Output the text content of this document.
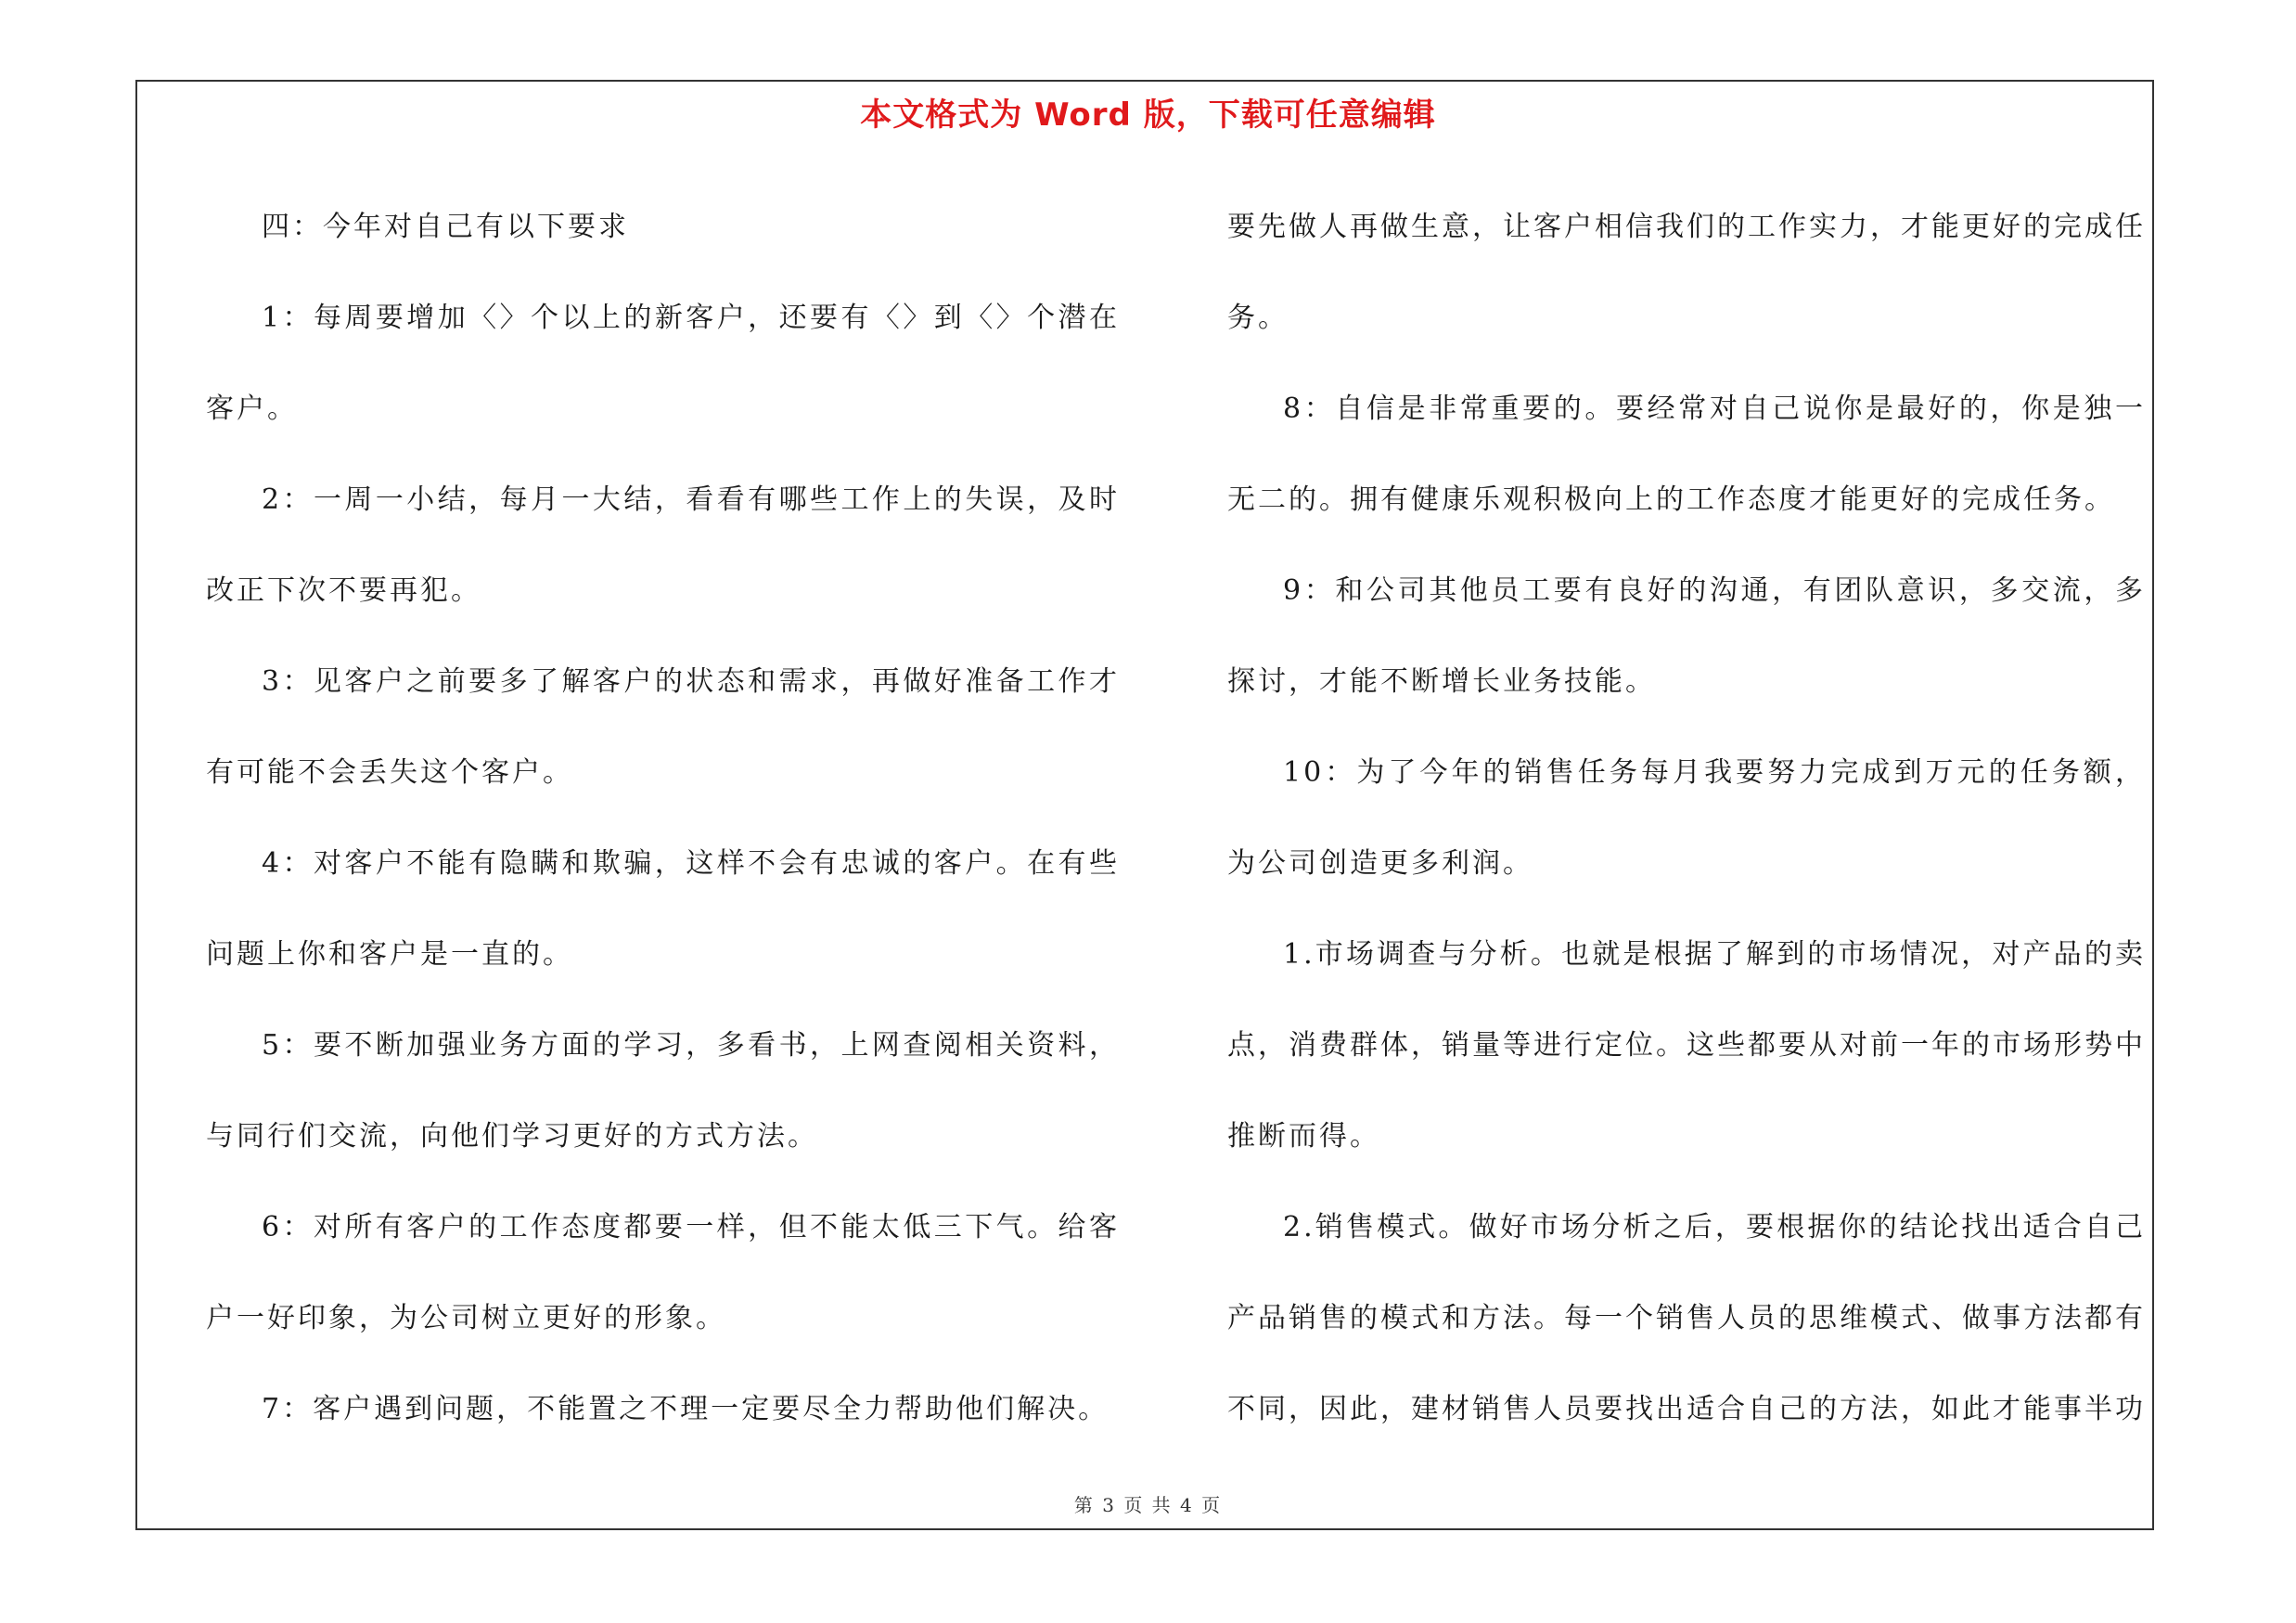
本文格式为 Word 版，下载可任意编辑

四：今年对自己有以下要求

1：每周要增加〈〉个以上的新客户，还要有〈〉到〈〉个潜在客户。

2：一周一小结，每月一大结，看看有哪些工作上的失误，及时改正下次不要再犯。

3：见客户之前要多了解客户的状态和需求，再做好准备工作才有可能不会丢失这个客户。

4：对客户不能有隐瞒和欺骗，这样不会有忠诚的客户。在有些问题上你和客户是一直的。

5：要不断加强业务方面的学习，多看书，上网查阅相关资料，与同行们交流，向他们学习更好的方式方法。

6：对所有客户的工作态度都要一样，但不能太低三下气。给客户一好印象，为公司树立更好的形象。

7：客户遇到问题，不能置之不理一定要尽全力帮助他们解决。

要先做人再做生意，让客户相信我们的工作实力，才能更好的完成任务。

8：自信是非常重要的。要经常对自己说你是最好的，你是独一无二的。拥有健康乐观积极向上的工作态度才能更好的完成任务。

9：和公司其他员工要有良好的沟通，有团队意识，多交流，多探讨，才能不断增长业务技能。

10：为了今年的销售任务每月我要努力完成到万元的任务额，为公司创造更多利润。

1.市场调查与分析。也就是根据了解到的市场情况，对产品的卖点，消费群体，销量等进行定位。这些都要从对前一年的市场形势中推断而得。

2.销售模式。做好市场分析之后，要根据你的结论找出适合自己产品销售的模式和方法。每一个销售人员的思维模式、做事方法都有不同，因此，建材销售人员要找出适合自己的方法，如此才能事半功

第 3 页 共 4 页
